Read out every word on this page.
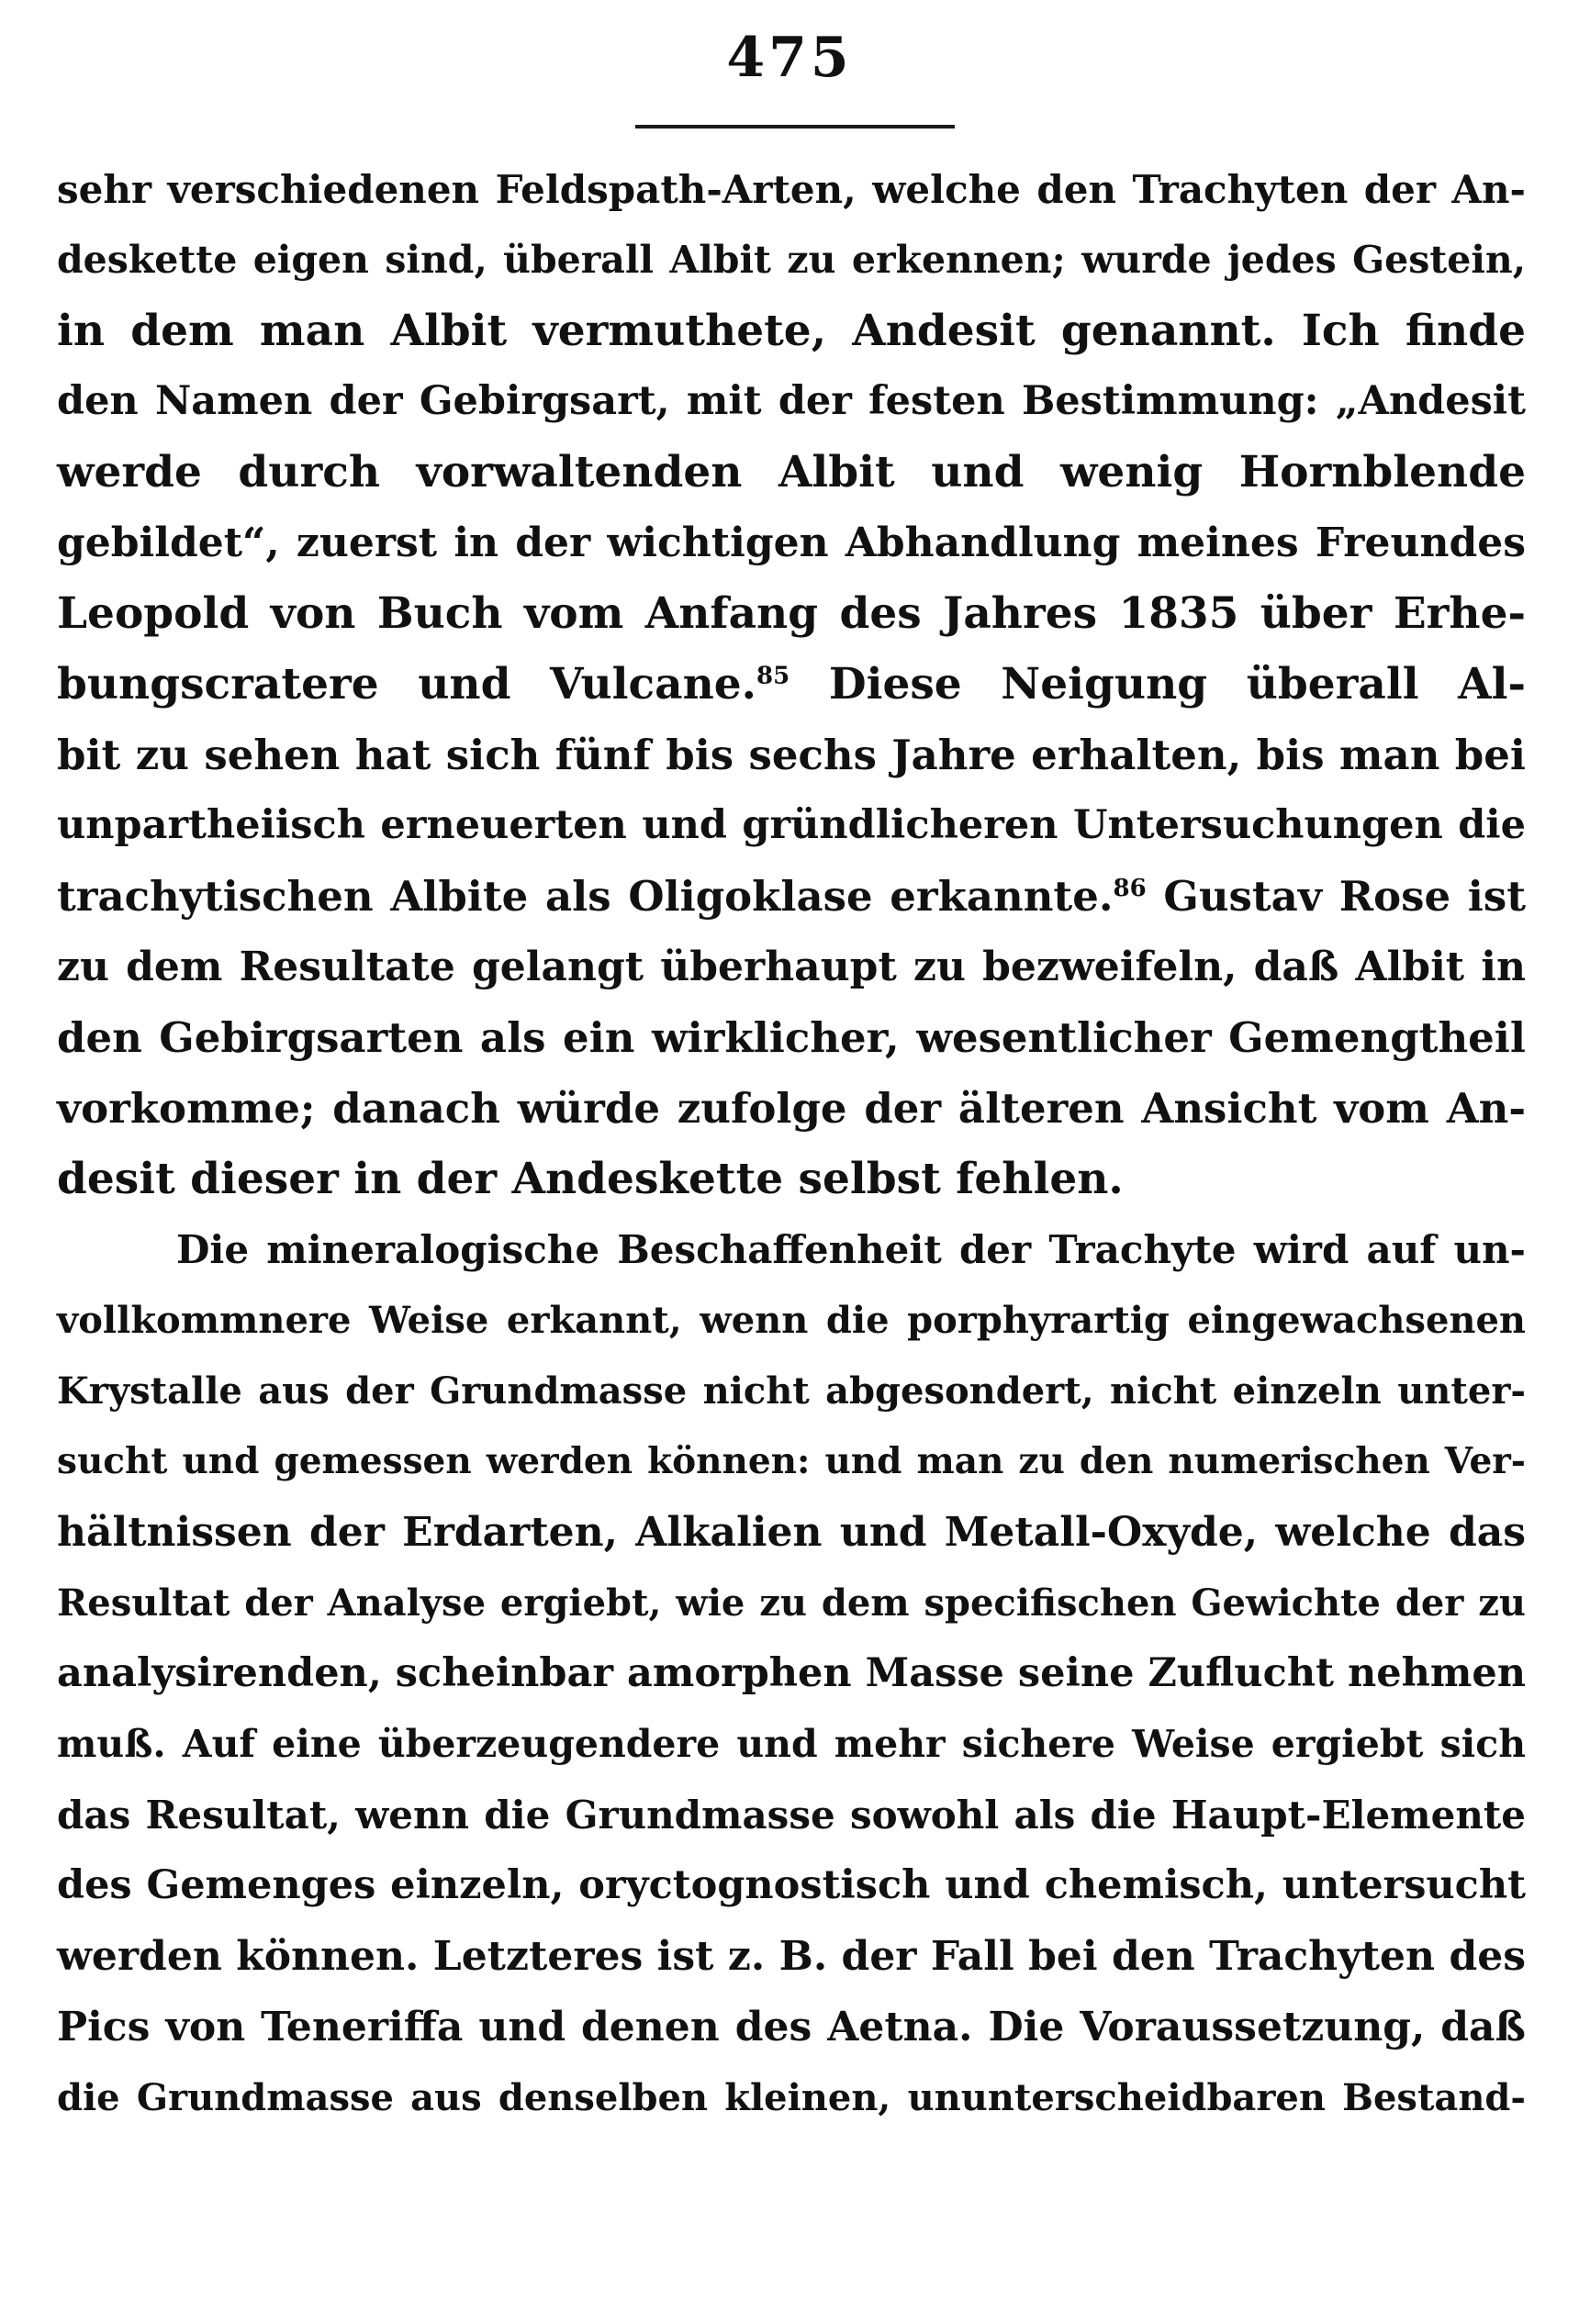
475
sehr verschiedenen Feldspath-Arten, welche den Trachyten der An-
deskette eigen sind, überall Albit zu erkennen; wurde jedes Gestein,
in dem man Albit vermuthete, Andesit genannt. Ich finde
den Namen der Gebirgsart, mit der festen Bestimmung: „Andesit
werde durch vorwaltenden Albit und wenig Hornblende
gebildet“, zuerst in der wichtigen Abhandlung meines Freundes
Leopold von Buch vom Anfang des Jahres 1835 über Erhe-
bungscratere und Vulcane.$^{85}$ Diese Neigung überall Al-
bit zu sehen hat sich fünf bis sechs Jahre erhalten, bis man bei
unpartheiisch erneuerten und gründlicheren Untersuchungen die
trachytischen Albite als Oligoklase erkannte.$^{86}$ Gustav Rose ist
zu dem Resultate gelangt überhaupt zu bezweifeln, daß Albit in
den Gebirgsarten als ein wirklicher, wesentlicher Gemengtheil
vorkomme; danach würde zufolge der älteren Ansicht vom An-
desit dieser in der Andeskette selbst fehlen.
Die mineralogische Beschaffenheit der Trachyte wird auf un-
vollkommnere Weise erkannt, wenn die porphyrartig eingewachsenen
Krystalle aus der Grundmasse nicht abgesondert, nicht einzeln unter-
sucht und gemessen werden können: und man zu den numerischen Ver-
hältnissen der Erdarten, Alkalien und Metall-Oxyde, welche das
Resultat der Analyse ergiebt, wie zu dem specifischen Gewichte der zu
analysirenden, scheinbar amorphen Masse seine Zuflucht nehmen
muß. Auf eine überzeugendere und mehr sichere Weise ergiebt sich
das Resultat, wenn die Grundmasse sowohl als die Haupt-Elemente
des Gemenges einzeln, oryctognostisch und chemisch, untersucht
werden können. Letzteres ist z. B. der Fall bei den Trachyten des
Pics von Teneriffa und denen des Aetna. Die Voraussetzung, daß
die Grundmasse aus denselben kleinen, ununterscheidbaren Bestand-
